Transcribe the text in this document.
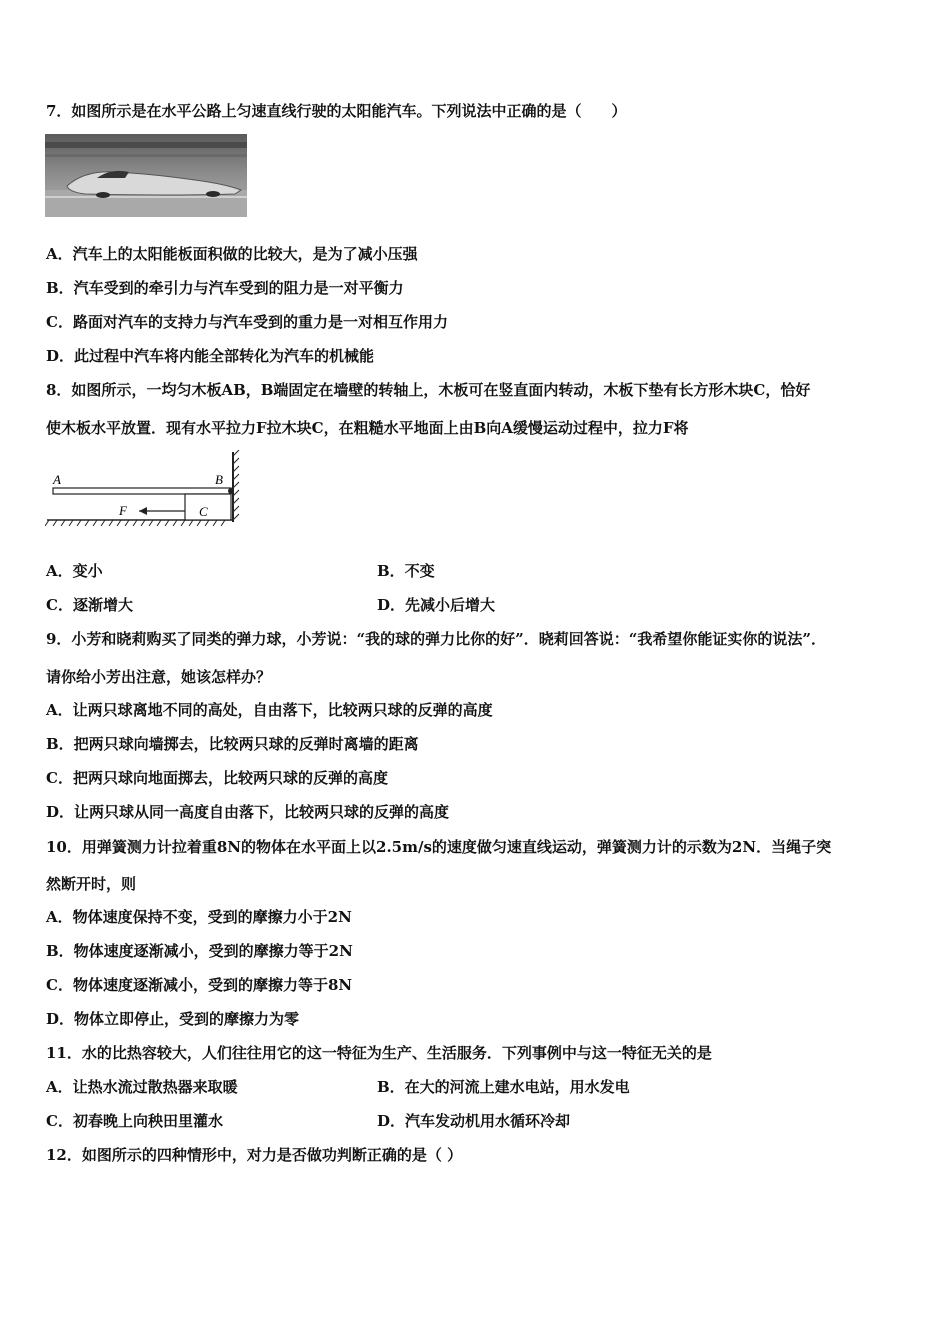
7．如图所示是在水平公路上匀速直线行驶的太阳能汽车。下列说法中正确的是（　　）
A．汽车上的太阳能板面积做的比较大，是为了减小压强
B．汽车受到的牵引力与汽车受到的阻力是一对平衡力
C．路面对汽车的支持力与汽车受到的重力是一对相互作用力
D．此过程中汽车将内能全部转化为汽车的机械能
8．如图所示，一均匀木板AB，B端固定在墙壁的转轴上，木板可在竖直面内转动，木板下垫有长方形木块C，恰好
使木板水平放置．现有水平拉力F拉木块C，在粗糙水平地面上由B向A缓慢运动过程中，拉力F将
A	B
F	C
A．变小	B．不变
C．逐渐增大	D．先减小后增大
9．小芳和晓莉购买了同类的弹力球，小芳说：“我的球的弹力比你的好”．晓莉回答说：“我希望你能证实你的说法”．
请你给小芳出注意，她该怎样办？
A．让两只球离地不同的高处，自由落下，比较两只球的反弹的高度
B．把两只球向墙掷去，比较两只球的反弹时离墙的距离
C．把两只球向地面掷去，比较两只球的反弹的高度
D．让两只球从同一高度自由落下，比较两只球的反弹的高度
10．用弹簧测力计拉着重8N的物体在水平面上以2.5m/s的速度做匀速直线运动，弹簧测力计的示数为2N．当绳子突
然断开时，则
A．物体速度保持不变，受到的摩擦力小于2N
B．物体速度逐渐减小，受到的摩擦力等于2N
C．物体速度逐渐减小，受到的摩擦力等于8N
D．物体立即停止，受到的摩擦力为零
11．水的比热容较大，人们往往用它的这一特征为生产、生活服务．下列事例中与这一特征无关的是
A．让热水流过散热器来取暖	B．在大的河流上建水电站，用水发电
C．初春晚上向秧田里灌水	D．汽车发动机用水循环冷却
12．如图所示的四种情形中，对力是否做功判断正确的是（ ）
